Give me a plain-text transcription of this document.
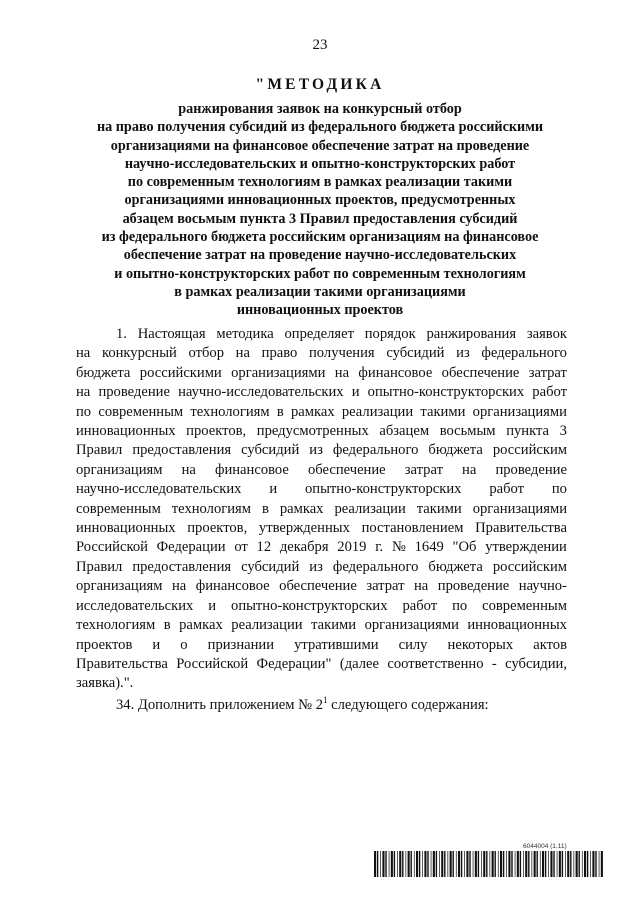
23
"МЕТОДИКА
ранжирования заявок на конкурсный отбор
на право получения субсидий из федерального бюджета российскими
организациями на финансовое обеспечение затрат на проведение
научно-исследовательских и опытно-конструкторских работ
по современным технологиям в рамках реализации такими
организациями инновационных проектов, предусмотренных
абзацем восьмым пункта 3 Правил предоставления субсидий
из федерального бюджета российским организациям на финансовое
обеспечение затрат на проведение научно-исследовательских
и опытно-конструкторских работ по современным технологиям
в рамках реализации такими организациями
инновационных проектов
1. Настоящая методика определяет порядок ранжирования заявок
на конкурсный отбор на право получения субсидий из федерального
бюджета российскими организациями на финансовое обеспечение затрат
на проведение научно-исследовательских и опытно-конструкторских работ
по современным технологиям в рамках реализации такими организациями
инновационных проектов, предусмотренных абзацем восьмым пункта 3
Правил предоставления субсидий из федерального бюджета российским
организациям на финансовое обеспечение затрат на проведение
научно-исследовательских и опытно-конструкторских работ по
современным технологиям в рамках реализации такими организациями
инновационных проектов, утвержденных постановлением Правительства
Российской Федерации от 12 декабря 2019 г. № 1649 "Об утверждении
Правил предоставления субсидий из федерального бюджета российским
организациям на финансовое обеспечение затрат на проведение научно-
исследовательских и опытно-конструкторских работ по современным
технологиям в рамках реализации такими организациями инновационных
проектов и о признании утратившими силу некоторых актов
Правительства Российской Федерации" (далее соответственно - субсидии,
заявка).".
34. Дополнить приложением № $2^1$ следующего содержания:
6044004 (1.11)
